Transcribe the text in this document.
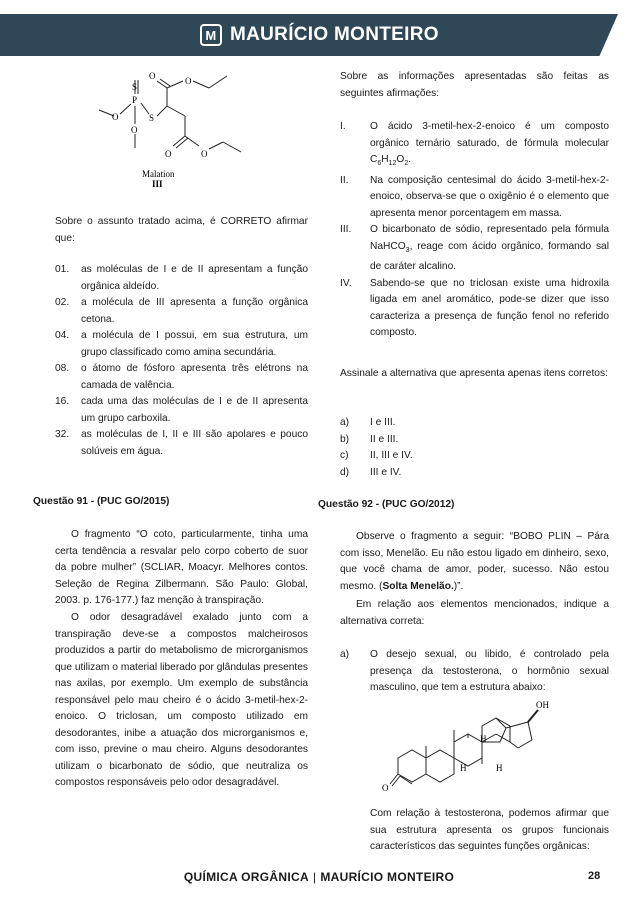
M MAURÍCIO MONTEIRO
S
P
O	S
O
O	O
O	O
Malation
III
Sobre o assunto tratado acima, é CORRETO afirmar que:
01.	as moléculas de I e de II apresentam a função orgânica aldeído.
02.	a molécula de III apresenta a função orgânica cetona.
04.	a molécula de I possui, em sua estrutura, um grupo classificado como amina secundária.
08.	o átomo de fósforo apresenta três elétrons na camada de valência.
16.	cada uma das moléculas de I e de II apresenta um grupo carboxila.
32.	as moléculas de I, II e III são apolares e pouco solúveis em água.
Questão 91 - (PUC GO/2015)
O fragmento “O coto, particularmente, tinha uma certa tendência a resvalar pelo corpo coberto de suor da pobre mulher” (SCLIAR, Moacyr. Melhores contos. Seleção de Regina Zilbermann. São Paulo: Global, 2003. p. 176-177.) faz menção à transpiração.
O odor desagradável exalado junto com a transpiração deve-se a compostos malcheirosos produzidos a partir do metabolismo de microrganismos que utilizam o material liberado por glândulas presentes nas axilas, por exemplo. Um exemplo de substância responsável pelo mau cheiro é o ácido 3-metil-hex-2-enoico. O triclosan, um composto utilizado em desodorantes, inibe a atuação dos microrganismos e, com isso, previne o mau cheiro. Alguns desodorantes utilizam o bicarbonato de sódio, que neutraliza os compostos responsáveis pelo odor desagradável.
Sobre as informações apresentadas são feitas as seguintes afirmações:
I.	O ácido 3-metil-hex-2-enoico é um composto orgânico ternário saturado, de fórmula molecular $C_6H_{12}O_2$.
II.	Na composição centesimal do ácido 3-metil-hex-2-enoico, observa-se que o oxigênio é o elemento que apresenta menor porcentagem em massa.
III.	O bicarbonato de sódio, representado pela fórmula NaHCO$_3$, reage com ácido orgânico, formando sal de caráter alcalino.
IV.	Sabendo-se que no triclosan existe uma hidroxila ligada em anel aromático, pode-se dizer que isso caracteriza a presença de função fenol no referido composto.
Assinale a alternativa que apresenta apenas itens corretos:
a)	I e III.
b)	II e III.
c)	II, III e IV.
d)	III e IV.
Questão 92 - (PUC GO/2012)
Observe o fragmento a seguir: “BOBO PLIN – Pára com isso, Menelão. Eu não estou ligado em dinheiro, sexo, que você chama de amor, poder, sucesso. Não estou mesmo. (Solta Menelão.)”.
Em relação aos elementos mencionados, indique a alternativa correta:
a)	O desejo sexual, ou libido, é controlado pela presença da testosterona, o hormônio sexual masculino, que tem a estrutura abaixo:
OH
H
H	H
O
Com relação à testosterona, podemos afirmar que sua estrutura apresenta os grupos funcionais característicos das seguintes funções orgânicas:
QUÍMICA ORGÂNICA | MAURÍCIO MONTEIRO	28
